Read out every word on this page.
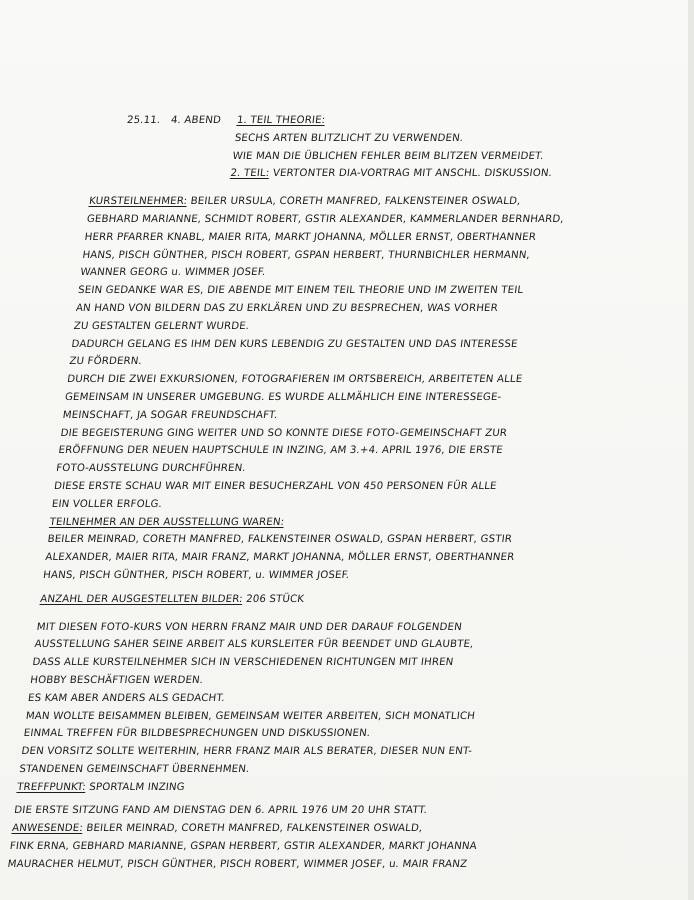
25.11. 4. ABEND 1. TEIL THEORIE:
SECHS ARTEN BLITZLICHT ZU VERWENDEN.
WIE MAN DIE ÜBLICHEN FEHLER BEIM BLITZEN VERMEIDET.
2. TEIL: VERTONTER DIA-VORTRAG MIT ANSCHL. DISKUSSION.
KURSTEILNEHMER: BEILER URSULA, CORETH MANFRED, FALKENSTEINER OSWALD,
GEBHARD MARIANNE, SCHMIDT ROBERT, GSTIR ALEXANDER, KAMMERLANDER BERNHARD,
HERR PFARRER KNABL, MAIER RITA, MARKT JOHANNA, MÖLLER ERNST, OBERTHANNER
HANS, PISCH GÜNTHER, PISCH ROBERT, GSPAN HERBERT, THURNBICHLER HERMANN,
WANNER GEORG u. WIMMER JOSEF.
SEIN GEDANKE WAR ES, DIE ABENDE MIT EINEM TEIL THEORIE UND IM ZWEITEN TEIL
AN HAND VON BILDERN DAS ZU ERKLÄREN UND ZU BESPRECHEN, WAS VORHER
ZU GESTALTEN GELERNT WURDE.
DADURCH GELANG ES IHM DEN KURS LEBENDIG ZU GESTALTEN UND DAS INTERESSE
ZU FÖRDERN.
DURCH DIE ZWEI EXKURSIONEN, FOTOGRAFIEREN IM ORTSBEREICH, ARBEITETEN ALLE
GEMEINSAM IN UNSERER UMGEBUNG. ES WURDE ALLMÄHLICH EINE INTERESSEGE-
MEINSCHAFT, JA SOGAR FREUNDSCHAFT.
DIE BEGEISTERUNG GING WEITER UND SO KONNTE DIESE FOTO-GEMEINSCHAFT ZUR
ERÖFFNUNG DER NEUEN HAUPTSCHULE IN INZING, AM 3.+4. APRIL 1976, DIE ERSTE
FOTO-AUSSTELUNG DURCHFÜHREN.
DIESE ERSTE SCHAU WAR MIT EINER BESUCHERZAHL VON 450 PERSONEN FÜR ALLE
EIN VOLLER ERFOLG.
TEILNEHMER AN DER AUSSTELLUNG WAREN:
BEILER MEINRAD, CORETH MANFRED, FALKENSTEINER OSWALD, GSPAN HERBERT, GSTIR
ALEXANDER, MAIER RITA, MAIR FRANZ, MARKT JOHANNA, MÖLLER ERNST, OBERTHANNER
HANS, PISCH GÜNTHER, PISCH ROBERT, u. WIMMER JOSEF.
ANZAHL DER AUSGESTELLTEN BILDER: 206 STÜCK
MIT DIESEN FOTO-KURS VON HERRN FRANZ MAIR UND DER DARAUF FOLGENDEN
AUSSTELLUNG SAHER SEINE ARBEIT ALS KURSLEITER FÜR BEENDET UND GLAUBTE,
DASS ALLE KURSTEILNEHMER SICH IN VERSCHIEDENEN RICHTUNGEN MIT IHREN
HOBBY BESCHÄFTIGEN WERDEN.
ES KAM ABER ANDERS ALS GEDACHT.
MAN WOLLTE BEISAMMEN BLEIBEN, GEMEINSAM WEITER ARBEITEN, SICH MONATLICH
EINMAL TREFFEN FÜR BILDBESPRECHUNGEN UND DISKUSSIONEN.
DEN VORSITZ SOLLTE WEITERHIN, HERR FRANZ MAIR ALS BERATER, DIESER NUN ENT-
STANDENEN GEMEINSCHAFT ÜBERNEHMEN.
TREFFPUNKT: SPORTALM INZING
DIE ERSTE SITZUNG FAND AM DIENSTAG DEN 6. APRIL 1976 UM 20 UHR STATT.
ANWESENDE: BEILER MEINRAD, CORETH MANFRED, FALKENSTEINER OSWALD,
FINK ERNA, GEBHARD MARIANNE, GSPAN HERBERT, GSTIR ALEXANDER, MARKT JOHANNA
MAURACHER HELMUT, PISCH GÜNTHER, PISCH ROBERT, WIMMER JOSEF, u. MAIR FRANZ
